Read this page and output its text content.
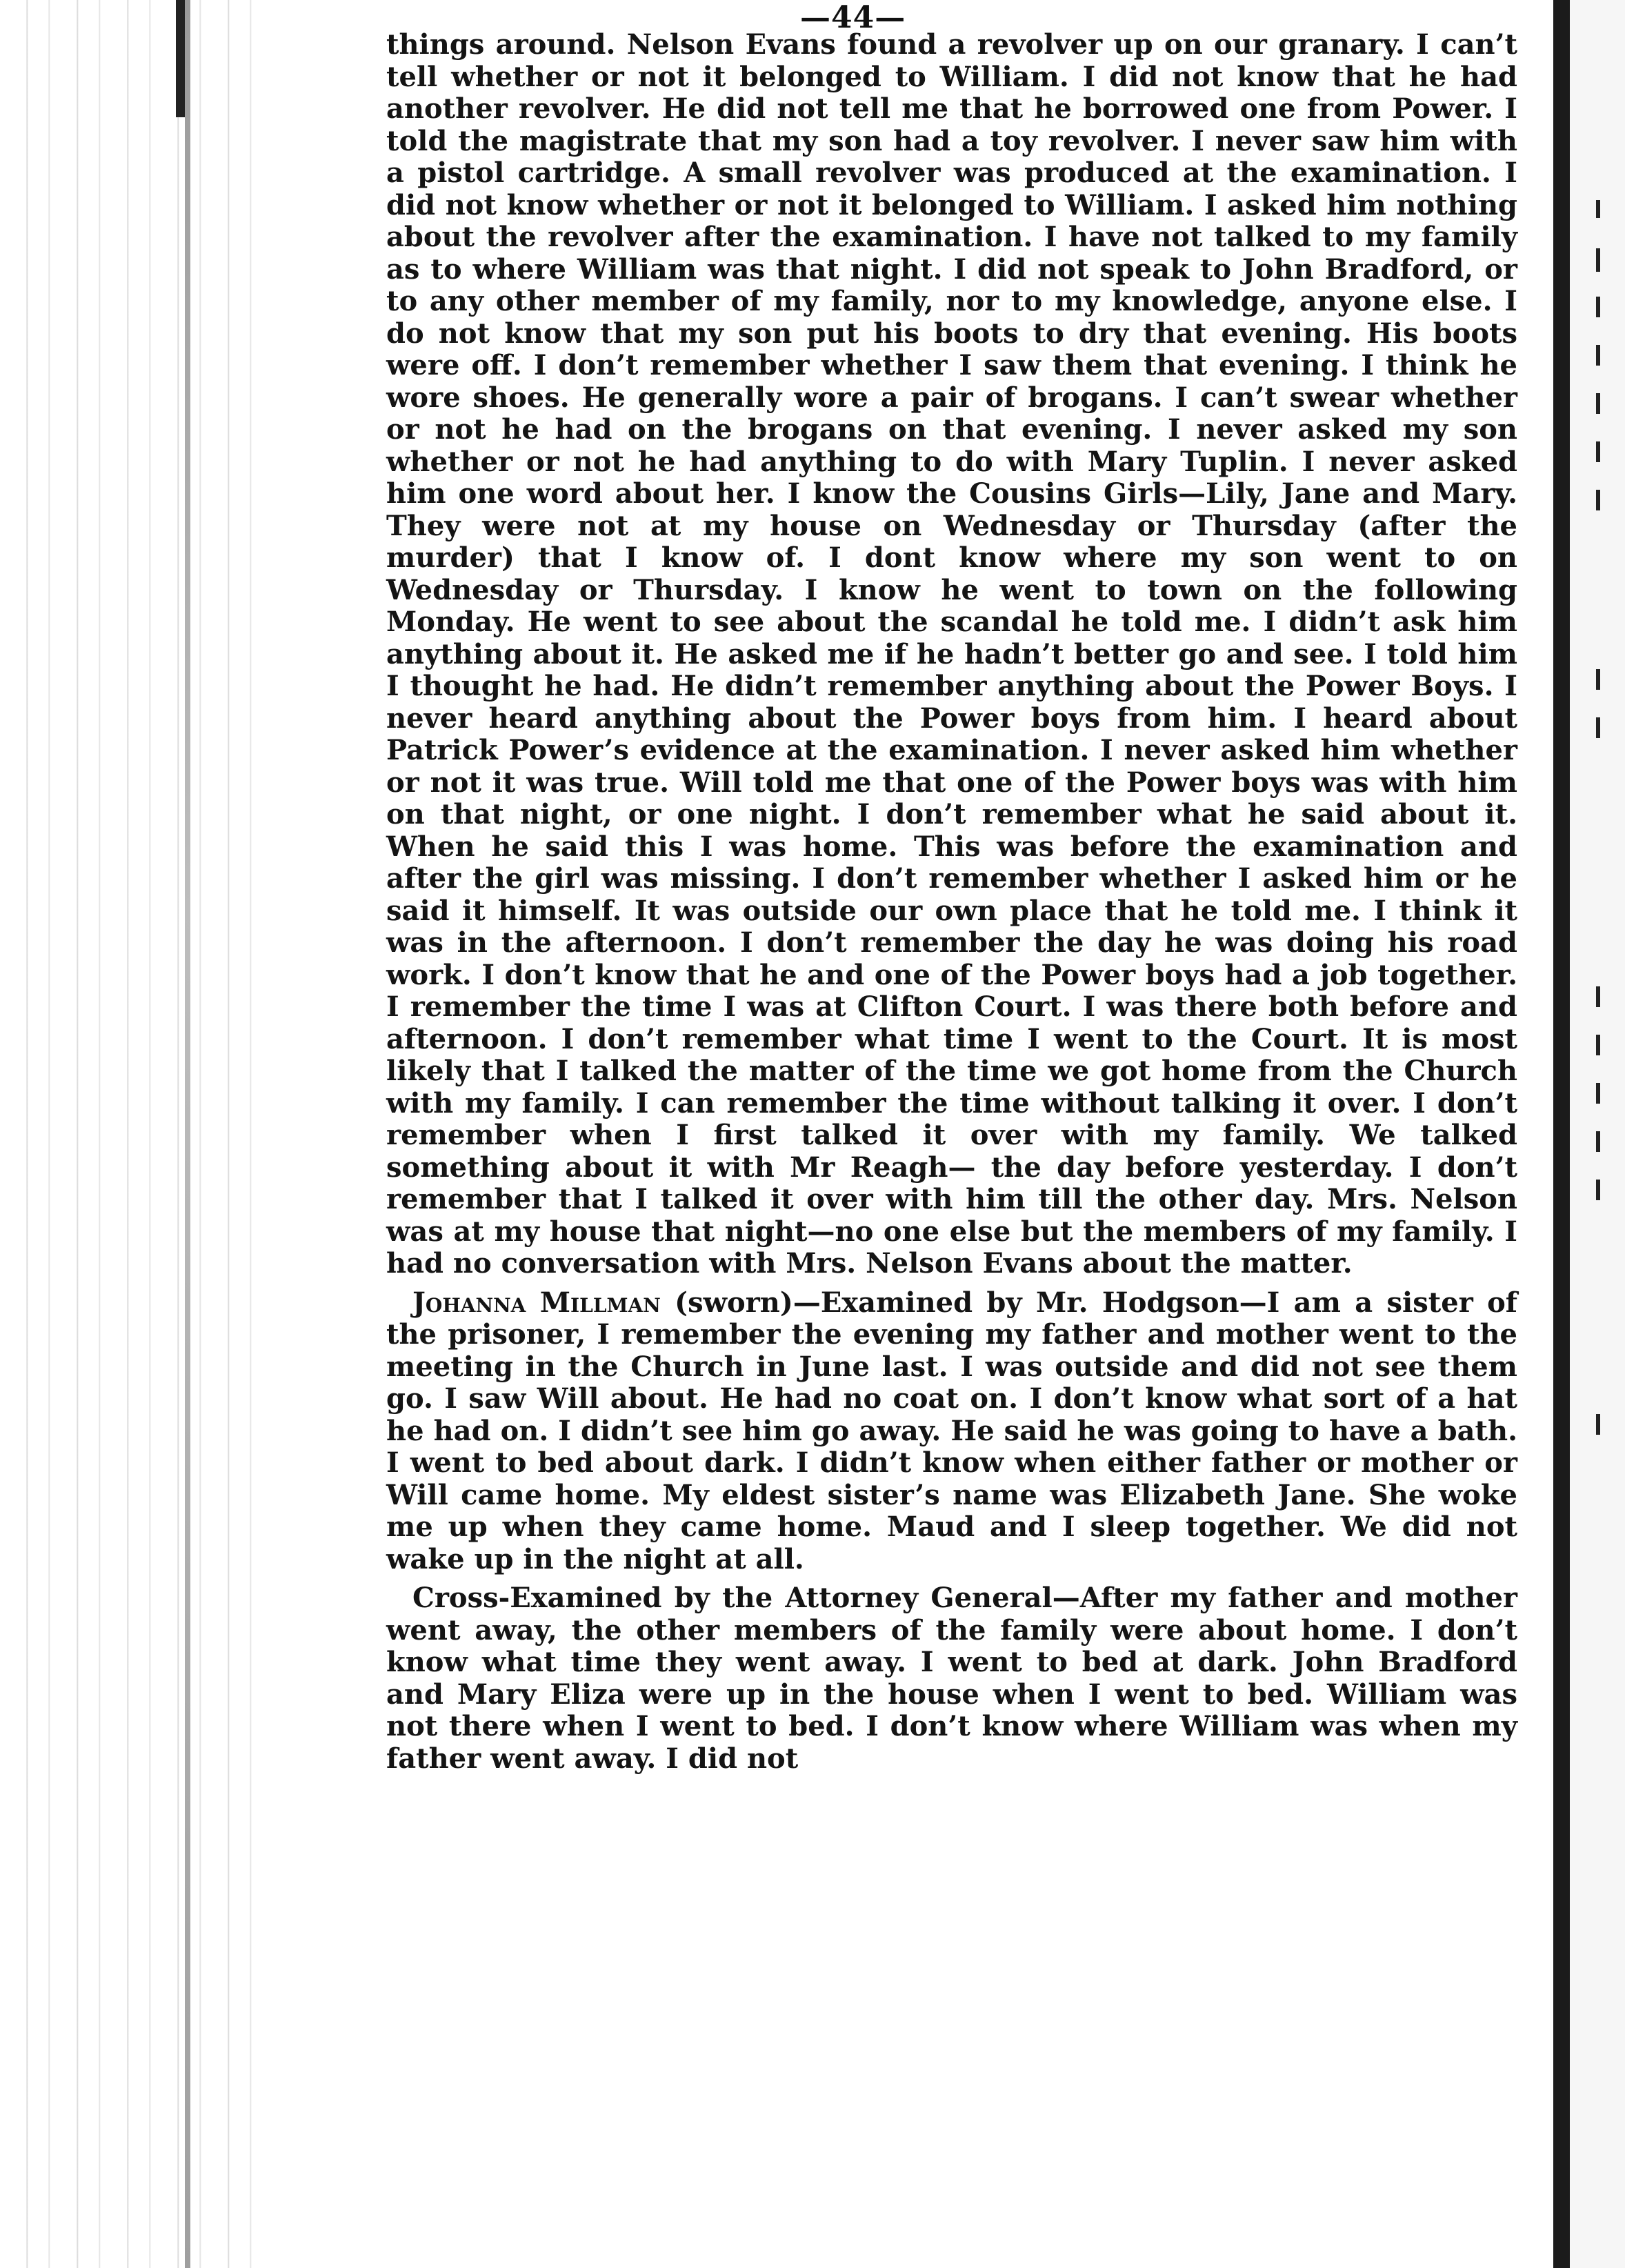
—44—

things around. Nelson Evans found a revolver up on our granary. I can’t tell whether or not it belonged to William. I did not know that he had another revolver. He did not tell me that he borrowed one from Power. I told the magistrate that my son had a toy revolver. I never saw him with a pistol cartridge. A small revolver was produced at the examination. I did not know whether or not it belonged to William. I asked him nothing about the revolver after the examination. I have not talked to my family as to where William was that night. I did not speak to John Bradford, or to any other member of my family, nor to my knowledge, anyone else. I do not know that my son put his boots to dry that evening. His boots were off. I don’t remember whether I saw them that evening. I think he wore shoes. He generally wore a pair of brogans. I can’t swear whether or not he had on the brogans on that evening. I never asked my son whether or not he had anything to do with Mary Tuplin. I never asked him one word about her. I know the Cousins Girls—Lily, Jane and Mary. They were not at my house on Wednesday or Thursday (after the murder) that I know of. I dont know where my son went to on Wednesday or Thursday. I know he went to town on the following Monday. He went to see about the scandal he told me. I didn’t ask him anything about it. He asked me if he hadn’t better go and see. I told him I thought he had. He didn’t remember anything about the Power Boys. I never heard anything about the Power boys from him. I heard about Patrick Power’s evidence at the examination. I never asked him whether or not it was true. Will told me that one of the Power boys was with him on that night, or one night. I don’t remember what he said about it. When he said this I was home. This was before the examination and after the girl was missing. I don’t remember whether I asked him or he said it himself. It was outside our own place that he told me. I think it was in the afternoon. I don’t remember the day he was doing his road work. I don’t know that he and one of the Power boys had a job together. I remember the time I was at Clifton Court. I was there both before and afternoon. I don’t remember what time I went to the Court. It is most likely that I talked the matter of the time we got home from the Church with my family. I can remember the time without talking it over. I don’t remember when I first talked it over with my family. We talked something about it with Mr Reagh— the day before yesterday. I don’t remember that I talked it over with him till the other day. Mrs. Nelson was at my house that night—no one else but the members of my family. I had no conversation with Mrs. Nelson Evans about the matter.

Johanna Millman (sworn)—Examined by Mr. Hodgson—I am a sister of the prisoner, I remember the evening my father and mother went to the meeting in the Church in June last. I was outside and did not see them go. I saw Will about. He had no coat on. I don’t know what sort of a hat he had on. I didn’t see him go away. He said he was going to have a bath. I went to bed about dark. I didn’t know when either father or mother or Will came home. My eldest sister’s name was Elizabeth Jane. She woke me up when they came home. Maud and I sleep together. We did not wake up in the night at all.

Cross-Examined by the Attorney General—After my father and mother went away, the other members of the family were about home. I don’t know what time they went away. I went to bed at dark. John Bradford and Mary Eliza were up in the house when I went to bed. William was not there when I went to bed. I don’t know where William was when my father went away. I did not
